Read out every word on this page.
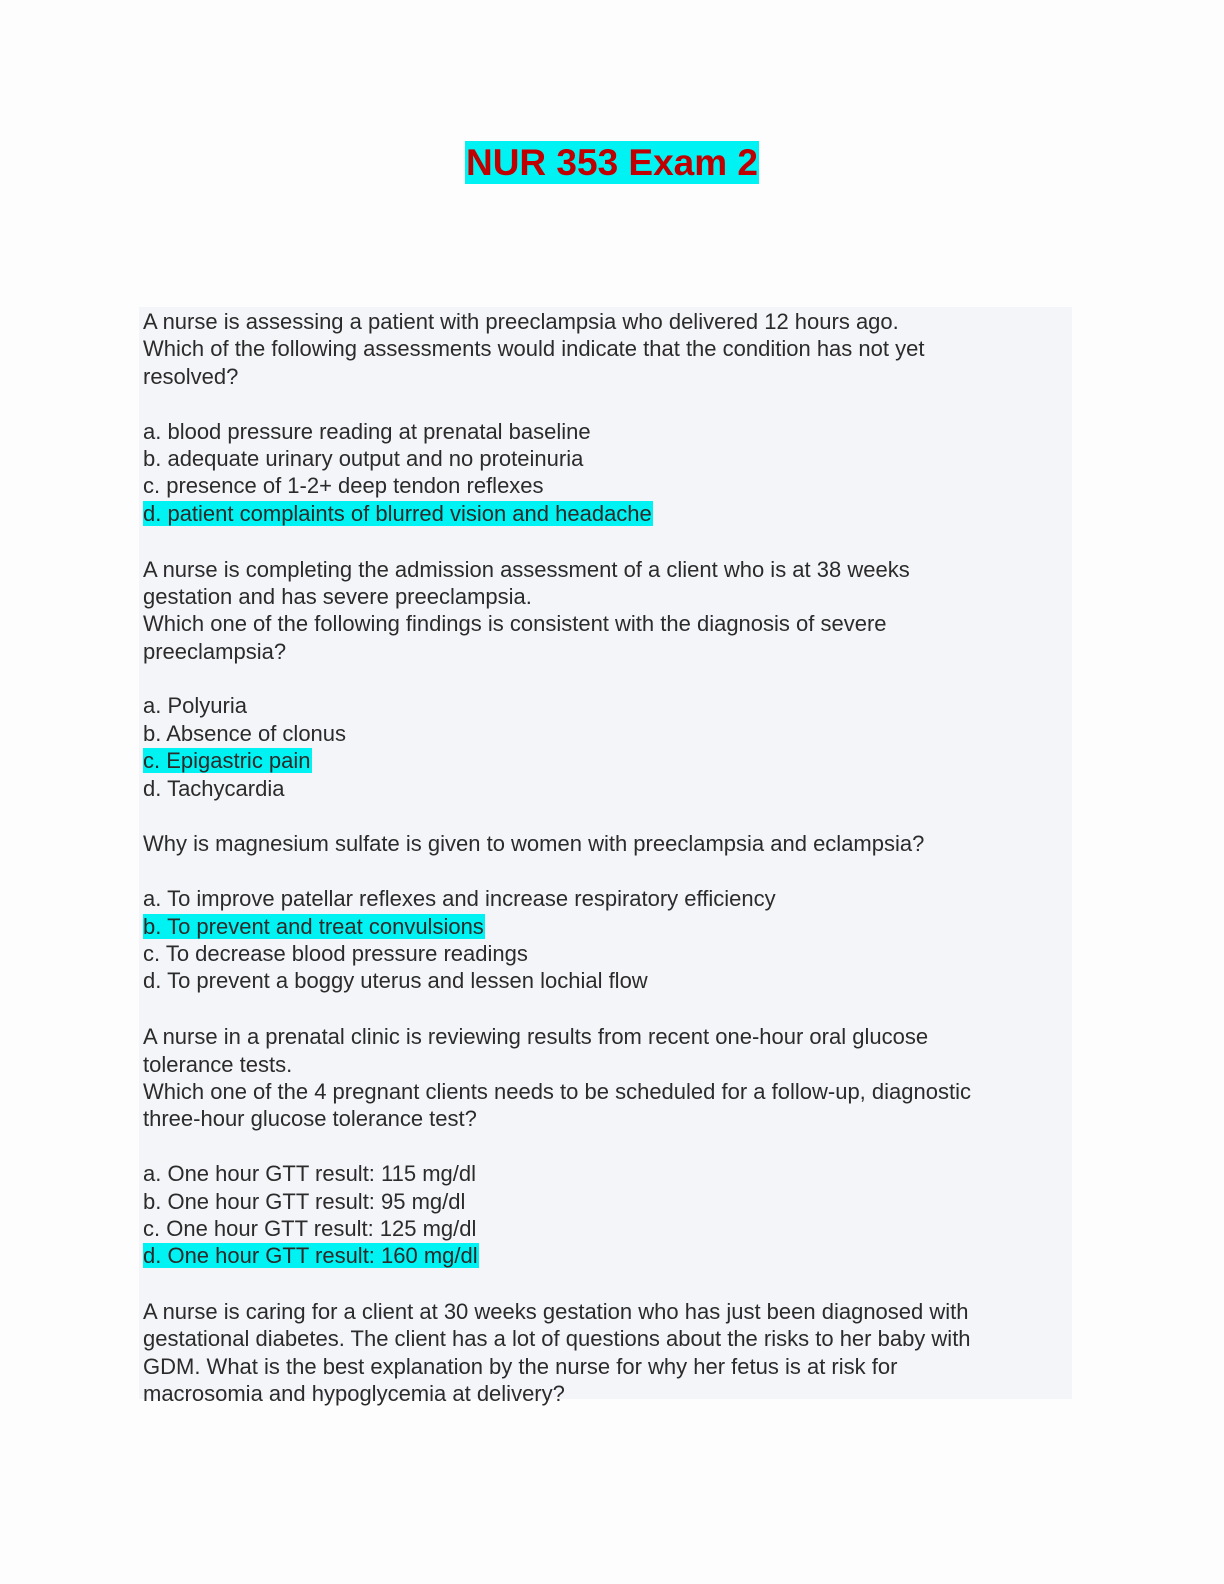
NUR 353 Exam 2
A nurse is assessing a patient with preeclampsia who delivered 12 hours ago.
Which of the following assessments would indicate that the condition has not yet
resolved?
a. blood pressure reading at prenatal baseline
b. adequate urinary output and no proteinuria
c. presence of 1-2+ deep tendon reflexes
d. patient complaints of blurred vision and headache
A nurse is completing the admission assessment of a client who is at 38 weeks
gestation and has severe preeclampsia.
Which one of the following findings is consistent with the diagnosis of severe
preeclampsia?
a. Polyuria
b. Absence of clonus
c. Epigastric pain
d. Tachycardia
Why is magnesium sulfate is given to women with preeclampsia and eclampsia?
a. To improve patellar reflexes and increase respiratory efficiency
b. To prevent and treat convulsions
c. To decrease blood pressure readings
d. To prevent a boggy uterus and lessen lochial flow
A nurse in a prenatal clinic is reviewing results from recent one-hour oral glucose
tolerance tests.
Which one of the 4 pregnant clients needs to be scheduled for a follow-up, diagnostic
three-hour glucose tolerance test?
a. One hour GTT result: 115 mg/dl
b. One hour GTT result: 95 mg/dl
c. One hour GTT result: 125 mg/dl
d. One hour GTT result: 160 mg/dl
A nurse is caring for a client at 30 weeks gestation who has just been diagnosed with
gestational diabetes. The client has a lot of questions about the risks to her baby with
GDM. What is the best explanation by the nurse for why her fetus is at risk for
macrosomia and hypoglycemia at delivery?
